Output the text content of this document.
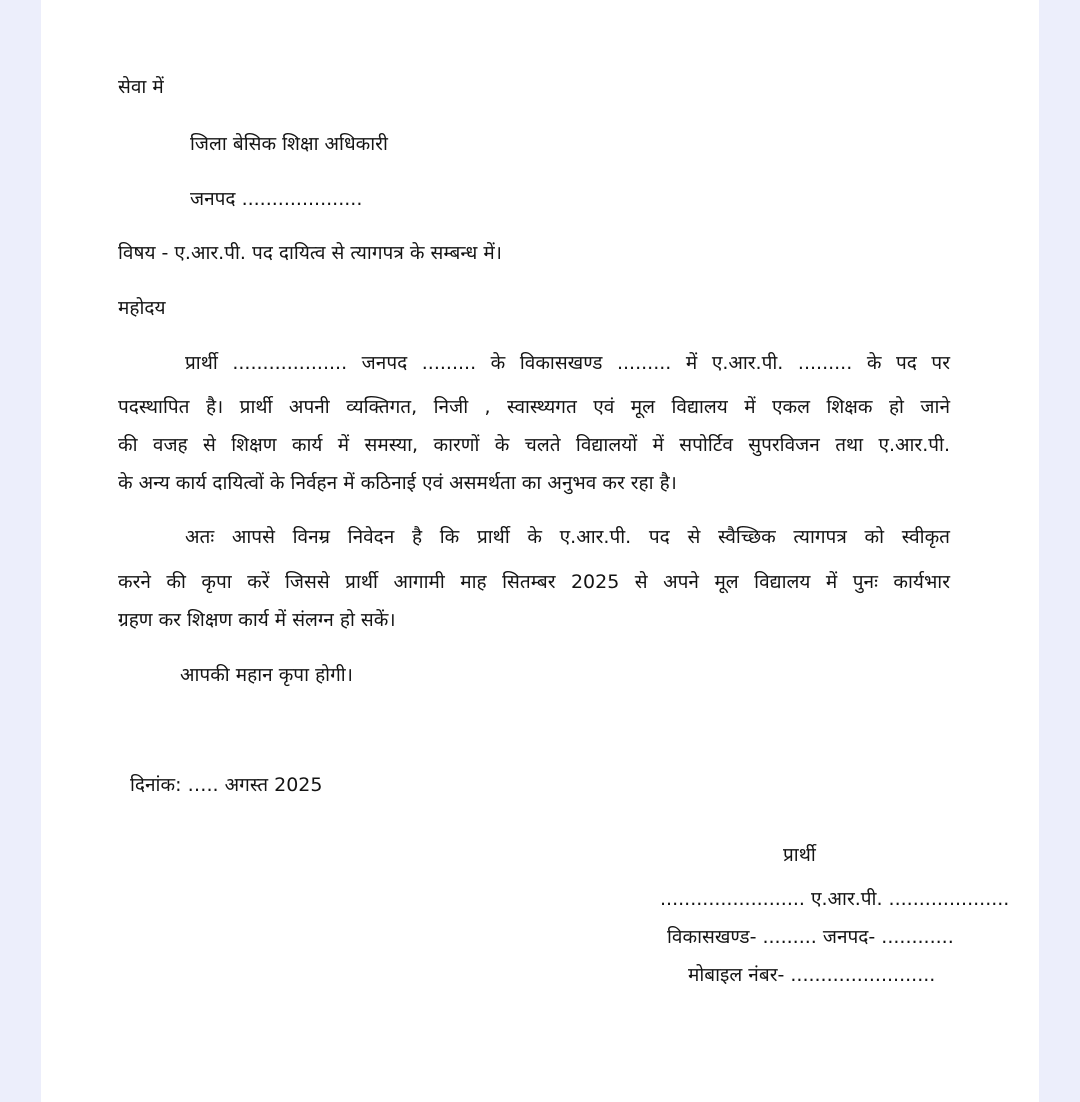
सेवा में
जिला बेसिक शिक्षा अधिकारी
जनपद ....................
विषय - ए.आर.पी. पद दायित्व से त्यागपत्र के सम्बन्ध में।
महोदय
प्रार्थी ................... जनपद ......... के विकासखण्ड ......... में ए.आर.पी. ......... के पद पर
पदस्थापित है। प्रार्थी अपनी व्यक्तिगत, निजी , स्वास्थ्यगत एवं मूल विद्यालय में एकल शिक्षक हो जाने
की वजह से शिक्षण कार्य में समस्या, कारणों के चलते विद्यालयों में सपोर्टिव सुपरविजन तथा ए.आर.पी.
के अन्य कार्य दायित्वों के निर्वहन में कठिनाई एवं असमर्थता का अनुभव कर रहा है।
अतः आपसे विनम्र निवेदन है कि प्रार्थी के ए.आर.पी. पद से स्वैच्छिक त्यागपत्र को स्वीकृत
करने की कृपा करें जिससे प्रार्थी आगामी माह सितम्बर 2025 से अपने मूल विद्यालय में पुनः कार्यभार
ग्रहण कर शिक्षण कार्य में संलग्न हो सकें।
आपकी महान कृपा होगी।
दिनांक: ….. अगस्त 2025
प्रार्थी
........................ ए.आर.पी. ....................
विकासखण्ड- ......... जनपद- ............
मोबाइल नंबर- ........................
